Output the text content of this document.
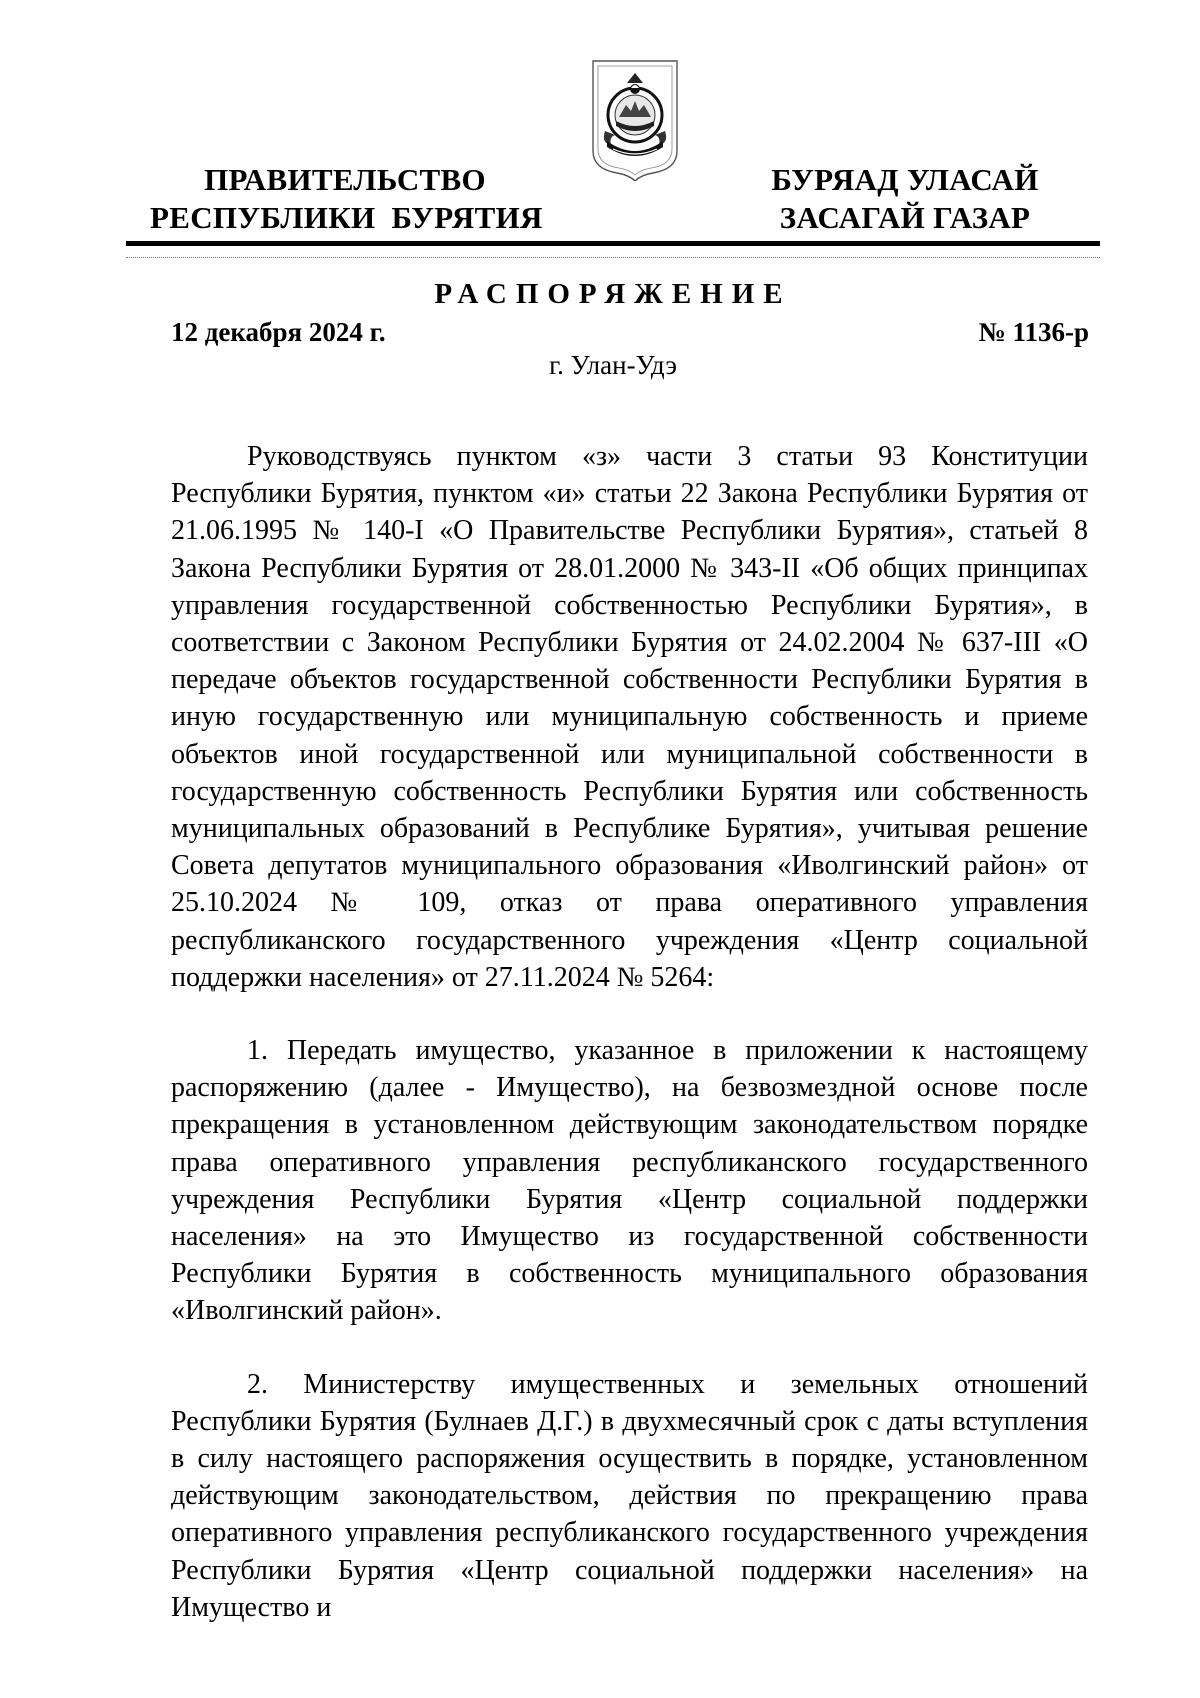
ПРАВИТЕЛЬСТВО
РЕСПУБЛИКИ  БУРЯТИЯ
БУРЯАД УЛАСАЙ
ЗАСАГАЙ ГАЗАР
РАСПОРЯЖЕНИЕ
12 декабря 2024 г.	№ 1136-р
г. Улан-Удэ

Руководствуясь пунктом «з» части 3 статьи 93 Конституции Республики Бурятия, пунктом «и» статьи 22 Закона Республики Бурятия от 21.06.1995 № 140-I «О Правительстве Республики Бурятия», статьей 8 Закона Республики Бурятия от 28.01.2000 № 343-II «Об общих принципах управления государственной собственностью Республики Бурятия», в соответствии с Законом Республики Бурятия от 24.02.2004 № 637-III «О передаче объектов государственной собственности Республики Бурятия в иную государственную или муниципальную собственность и приеме объектов иной государственной или муниципальной собственности в государственную собственность Республики Бурятия или собственность муниципальных образований в Республике Бурятия», учитывая решение Совета депутатов муниципального образования «Иволгинский район» от 25.10.2024 № 109, отказ от права оперативного управления республиканского государственного учреждения «Центр социальной поддержки населения» от 27.11.2024 № 5264:

1. Передать имущество, указанное в приложении к настоящему распоряжению (далее - Имущество), на безвозмездной основе после прекращения в установленном действующим законодательством порядке права оперативного управления республиканского государственного учреждения Республики Бурятия «Центр социальной поддержки населения» на это Имущество из государственной собственности Республики Бурятия в собственность муниципального образования «Иволгинский район».

2. Министерству имущественных и земельных отношений Республики Бурятия (Булнаев Д.Г.) в двухмесячный срок с даты вступления в силу настоящего распоряжения осуществить в порядке, установленном действующим законодательством, действия по прекращению права оперативного управления республиканского государственного учреждения Республики Бурятия «Центр социальной поддержки населения» на Имущество и
